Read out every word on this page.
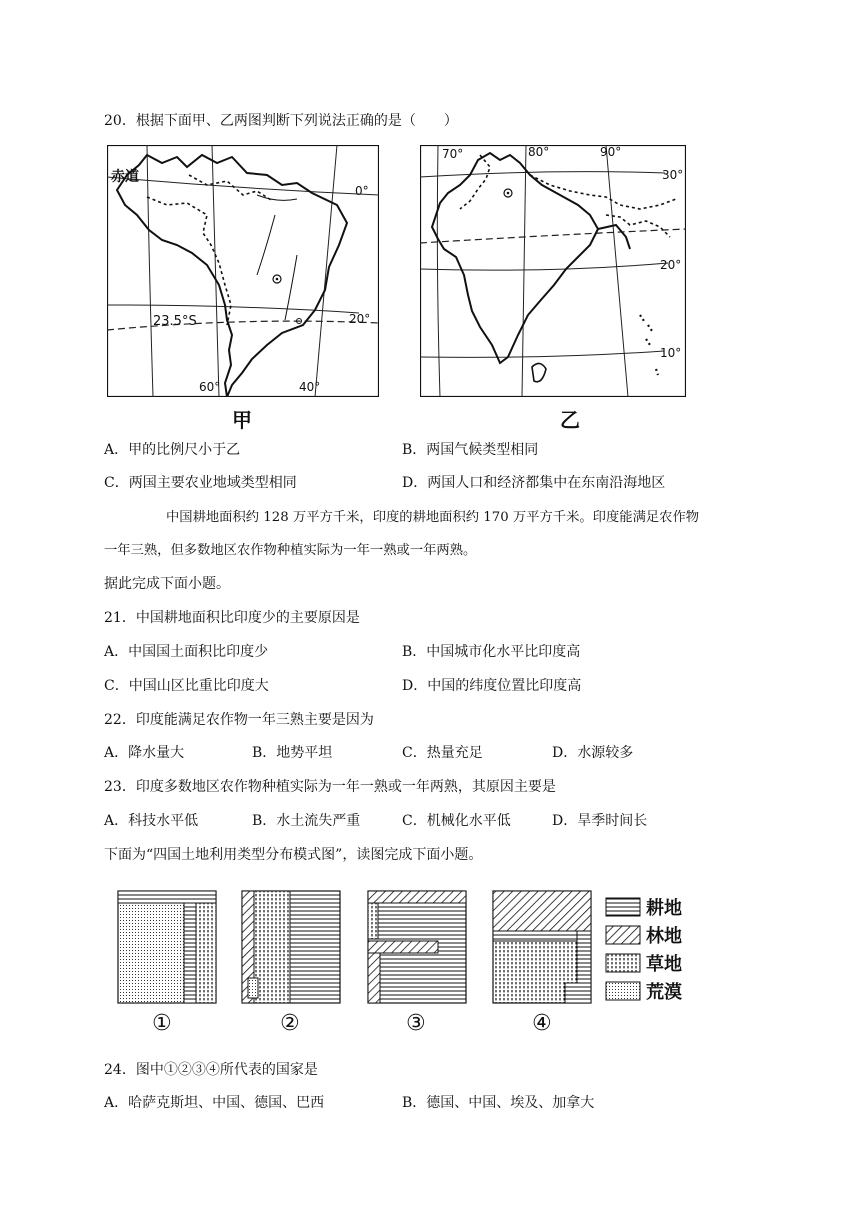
20．根据下面甲、乙两图判断下列说法正确的是（　　）
赤道
0°
20°
23.5°S
60°	40°
甲
70°	80°	90°
30°
20°
10°
乙
A．甲的比例尺小于乙	B．两国气候类型相同
C．两国主要农业地域类型相同	D．两国人口和经济都集中在东南沿海地区
中国耕地面积约 128 万平方千米，印度的耕地面积约 170 万平方千米。印度能满足农作物
一年三熟，但多数地区农作物种植实际为一年一熟或一年两熟。
据此完成下面小题。
21．中国耕地面积比印度少的主要原因是
A．中国国土面积比印度少	B．中国城市化水平比印度高
C．中国山区比重比印度大	D．中国的纬度位置比印度高
22．印度能满足农作物一年三熟主要是因为
A．降水量大	B．地势平坦	C．热量充足	D．水源较多
23．印度多数地区农作物种植实际为一年一熟或一年两熟，其原因主要是
A．科技水平低	B．水土流失严重	C．机械化水平低	D．旱季时间长
下面为“四国土地利用类型分布模式图”，读图完成下面小题。
①	②	③	④
耕地
林地
草地
荒漠
24．图中①②③④所代表的国家是
A．哈萨克斯坦、中国、德国、巴西	B．德国、中国、埃及、加拿大
